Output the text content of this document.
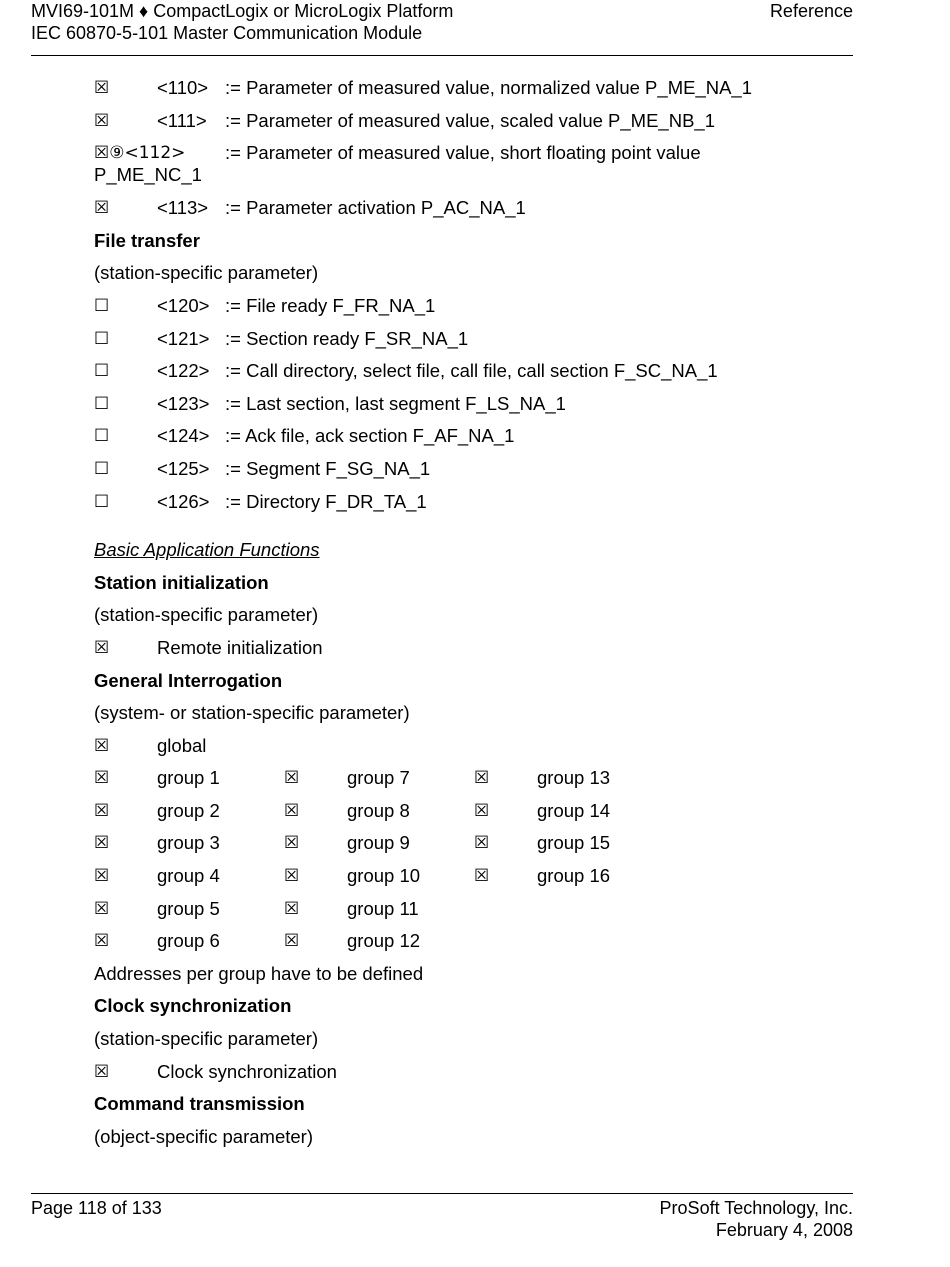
MVI69-101M ♦ CompactLogix or MicroLogix Platform
IEC 60870-5-101 Master Communication Module
Reference
☒	<110> := Parameter of measured value, normalized value P_ME_NA_1
☒	<111> := Parameter of measured value, scaled value P_ME_NB_1
☒⑨<112> := Parameter of measured value, short floating point value
P_ME_NC_1
☒	<113> := Parameter activation P_AC_NA_1
File transfer
(station-specific parameter)
☐	<120> := File ready F_FR_NA_1
☐	<121> := Section ready F_SR_NA_1
☐	<122> := Call directory, select file, call file, call section F_SC_NA_1
☐	<123> := Last section, last segment F_LS_NA_1
☐	<124> := Ack file, ack section F_AF_NA_1
☐	<125> := Segment F_SG_NA_1
☐	<126> := Directory F_DR_TA_1
Basic Application Functions
Station initialization
(station-specific parameter)
☒	Remote initialization
General Interrogation
(system- or station-specific parameter)
☒	global
☒	group 1	☒	group 7	☒	group 13
☒	group 2	☒	group 8	☒	group 14
☒	group 3	☒	group 9	☒	group 15
☒	group 4	☒	group 10	☒	group 16
☒	group 5	☒	group 11
☒	group 6	☒	group 12
Addresses per group have to be defined
Clock synchronization
(station-specific parameter)
☒	Clock synchronization
Command transmission
(object-specific parameter)
Page 118 of 133	ProSoft Technology, Inc.
February 4, 2008
